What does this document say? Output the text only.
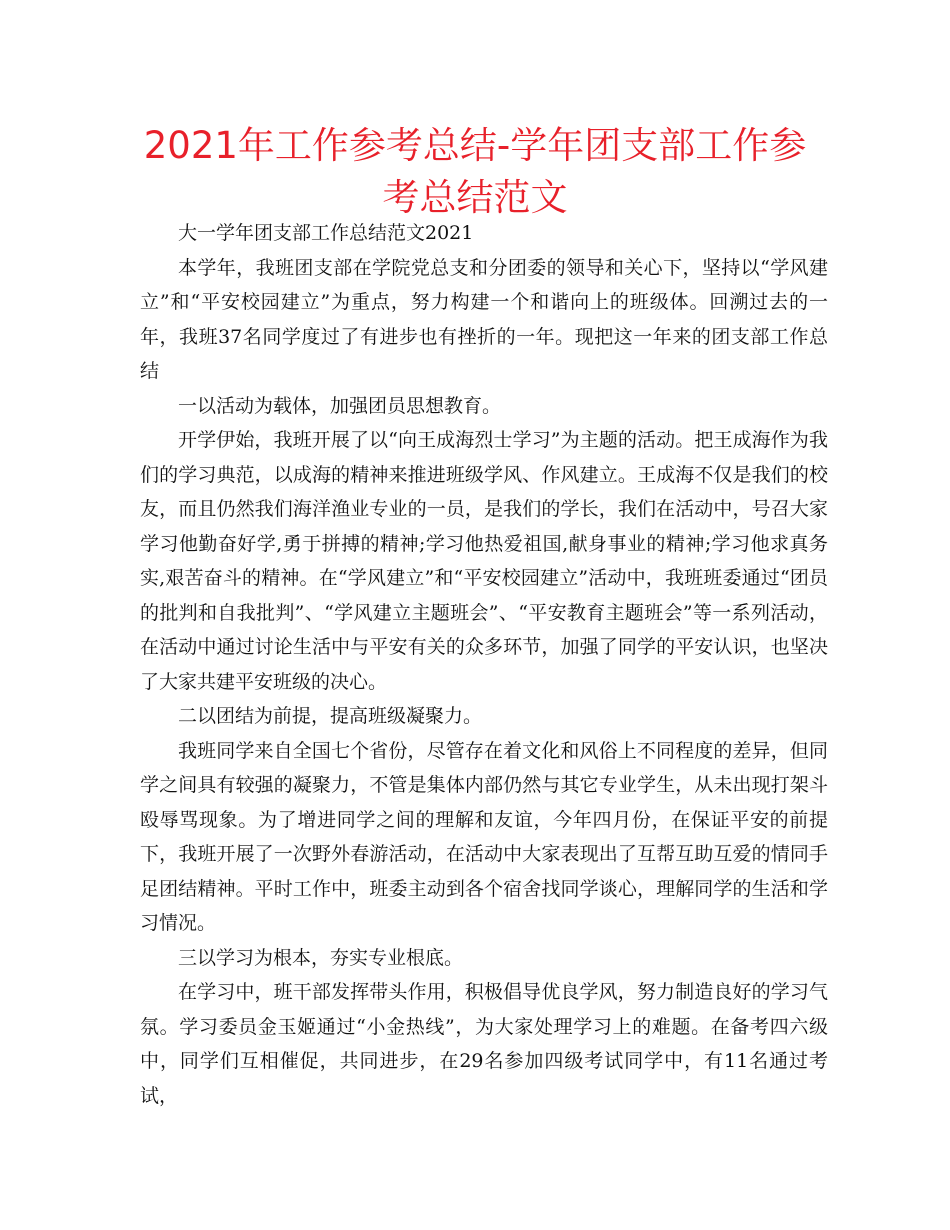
2021年工作参考总结-学年团支部工作参考总结范文

大一学年团支部工作总结范文2021

本学年，我班团支部在学院党总支和分团委的领导和关心下，坚持以“学风建立”和“平安校园建立”为重点，努力构建一个和谐向上的班级体。回溯过去的一年，我班37名同学度过了有进步也有挫折的一年。现把这一年来的团支部工作总结

一以活动为载体，加强团员思想教育。

开学伊始，我班开展了以“向王成海烈士学习”为主题的活动。把王成海作为我们的学习典范，以成海的精神来推进班级学风、作风建立。王成海不仅是我们的校友，而且仍然我们海洋渔业专业的一员，是我们的学长，我们在活动中，号召大家学习他勤奋好学,勇于拼搏的精神;学习他热爱祖国,献身事业的精神;学习他求真务实,艰苦奋斗的精神。在“学风建立”和“平安校园建立”活动中，我班班委通过“团员的批判和自我批判”、“学风建立主题班会”、“平安教育主题班会”等一系列活动，在活动中通过讨论生活中与平安有关的众多环节，加强了同学的平安认识，也坚决了大家共建平安班级的决心。

二以团结为前提，提高班级凝聚力。

我班同学来自全国七个省份，尽管存在着文化和风俗上不同程度的差异，但同学之间具有较强的凝聚力，不管是集体内部仍然与其它专业学生，从未出现打架斗殴辱骂现象。为了增进同学之间的理解和友谊，今年四月份，在保证平安的前提下，我班开展了一次野外春游活动，在活动中大家表现出了互帮互助互爱的情同手足团结精神。平时工作中，班委主动到各个宿舍找同学谈心，理解同学的生活和学习情况。

三以学习为根本，夯实专业根底。

在学习中，班干部发挥带头作用，积极倡导优良学风，努力制造良好的学习气氛。学习委员金玉姬通过“小金热线”，为大家处理学习上的难题。在备考四六级中，同学们互相催促，共同进步，在29名参加四级考试同学中，有11名通过考试，
